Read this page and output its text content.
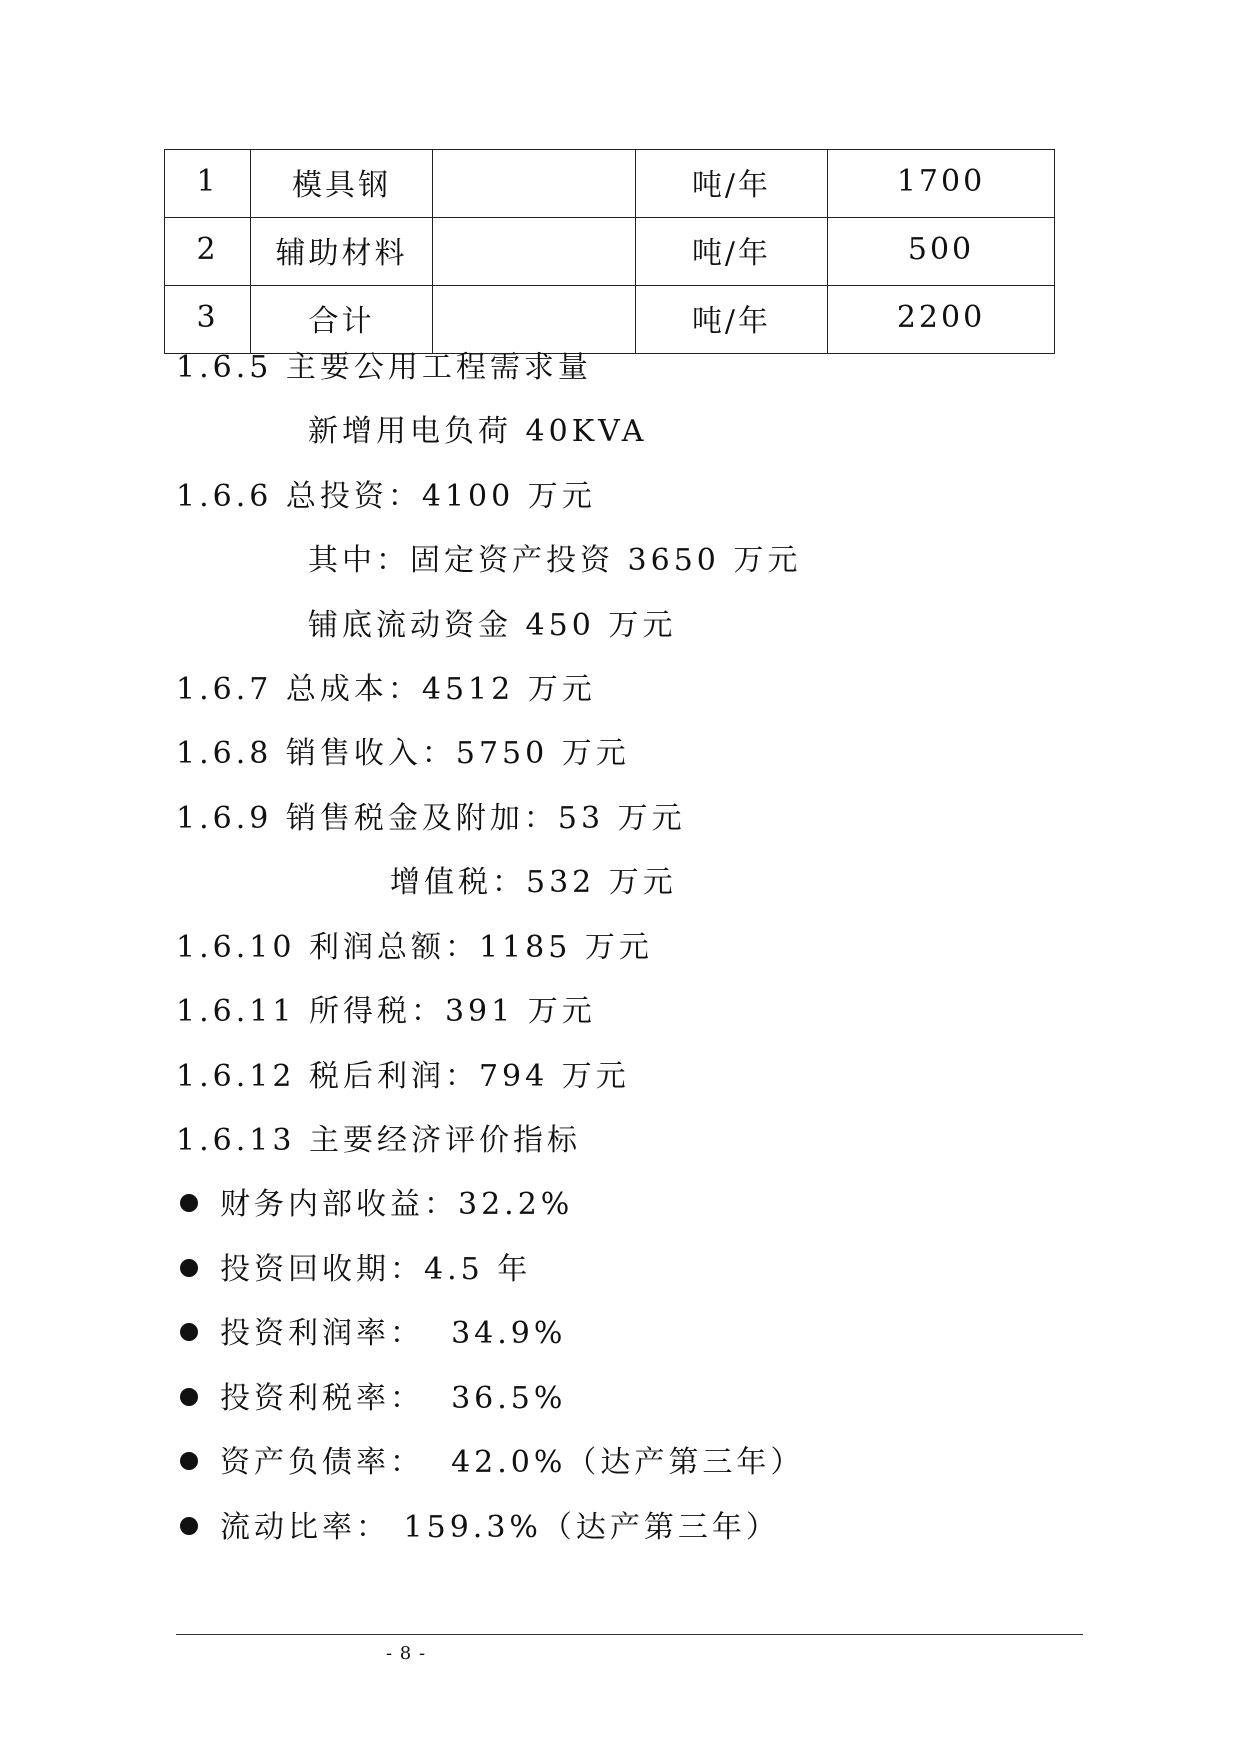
1	模具钢		吨/年	1700
2	辅助材料		吨/年	500
3	合计		吨/年	2200
1.6.5 主要公用工程需求量
新增用电负荷 40KVA
1.6.6 总投资：4100 万元
其中：固定资产投资 3650 万元
铺底流动资金 450 万元
1.6.7 总成本：4512 万元
1.6.8 销售收入：5750 万元
1.6.9 销售税金及附加：53 万元
增值税：532 万元
1.6.10 利润总额：1185 万元
1.6.11 所得税：391 万元
1.6.12 税后利润：794 万元
1.6.13 主要经济评价指标
财务内部收益：32.2%
投资回收期：4.5 年
投资利润率：  34.9%
投资利税率：  36.5%
资产负债率：  42.0%（达产第三年）
流动比率： 159.3%（达产第三年）
- 8 -
